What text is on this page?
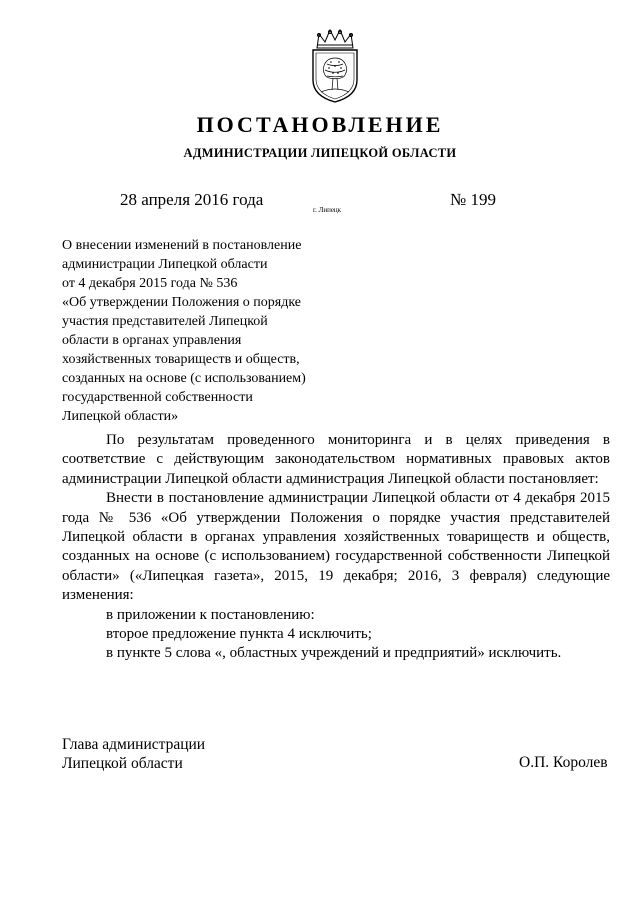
ПОСТАНОВЛЕНИЕ
АДМИНИСТРАЦИИ ЛИПЕЦКОЙ ОБЛАСТИ
28 апреля 2016 года
г. Липецк
№ 199
О внесении изменений в постановление
администрации Липецкой области
от 4 декабря 2015 года № 536
«Об утверждении Положения о порядке
участия представителей Липецкой
области в органах управления
хозяйственных товариществ и обществ,
созданных на основе (с использованием)
государственной собственности
Липецкой области»

По результатам проведенного мониторинга и в целях приведения в соответствие с действующим законодательством нормативных правовых актов администрации Липецкой области администрация Липецкой области постановляет:

Внести в постановление администрации Липецкой области от 4 декабря 2015 года № 536 «Об утверждении Положения о порядке участия представителей Липецкой области в органах управления хозяйственных товариществ и обществ, созданных на основе (с использованием) государственной собственности Липецкой области» («Липецкая газета», 2015, 19 декабря; 2016, 3 февраля) следующие изменения:

в приложении к постановлению:

второе предложение пункта 4 исключить;

в пункте 5 слова «, областных учреждений и предприятий» исключить.

Глава администрации
Липецкой области	О.П. Королев
